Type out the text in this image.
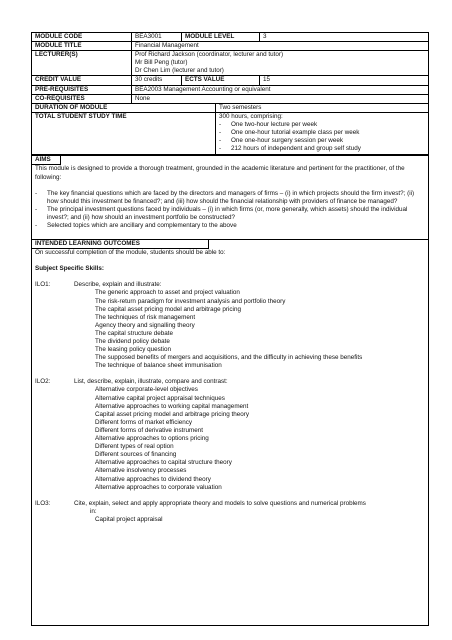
MODULE CODE	BEA3001	MODULE LEVEL	3
MODULE TITLE	Financial Management
LECTURER(S)	Prof Richard Jackson (coordinator, lecturer and tutor)
Mr Bill Peng (tutor)
Dr Chen Lim (lecturer and tutor)
CREDIT VALUE	30 credits	ECTS VALUE	15
PRE-REQUISITES	BEA2003 Management Accounting or equivalent
CO-REQUISITES	None
DURATION OF MODULE	Two semesters
TOTAL STUDENT STUDY TIME	300 hours, comprising:
-	One two-hour lecture per week
-	One one-hour tutorial example class per week
-	One one-hour surgery session per week
-	212 hours of independent and group self study
AIMS
This module is designed to provide a thorough treatment, grounded in the academic literature and pertinent for the practitioner, of the following:
-	The key financial questions which are faced by the directors and managers of firms – (i) in which projects should the firm invest?; (ii) how should this investment be financed?; and (iii) how should the financial relationship with providers of finance be managed?
-	The principal investment questions faced by individuals – (i) in which firms (or, more generally, which assets) should the individual invest?; and (ii) how should an investment portfolio be constructed?
-	Selected topics which are ancillary and complementary to the above
INTENDED LEARNING OUTCOMES
On successful completion of the module, students should be able to:
Subject Specific Skills:
ILO1:	Describe, explain and illustrate:
The generic approach to asset and project valuation
The risk-return paradigm for investment analysis and portfolio theory
The capital asset pricing model and arbitrage pricing
The techniques of risk management
Agency theory and signalling theory
The capital structure debate
The dividend policy debate
The leasing policy question
The supposed benefits of mergers and acquisitions, and the difficulty in achieving these benefits
The technique of balance sheet immunisation
ILO2:	List, describe, explain, illustrate, compare and contrast:
Alternative corporate-level objectives
Alternative capital project appraisal techniques
Alternative approaches to working capital management
Capital asset pricing model and arbitrage pricing theory
Different forms of market efficiency
Different forms of derivative instrument
Alternative approaches to options pricing
Different types of real option
Different sources of financing
Alternative approaches to capital structure theory
Alternative insolvency processes
Alternative approaches to dividend theory
Alternative approaches to corporate valuation
ILO3:	Cite, explain, select and apply appropriate theory and models to solve questions and numerical problems
in:
Capital project appraisal
